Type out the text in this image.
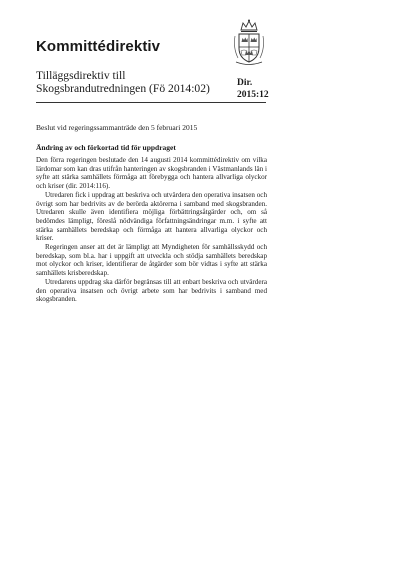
Kommittédirektiv
Tilläggsdirektiv till Skogsbrandutredningen (Fö 2014:02)	Dir.
2015:12
Beslut vid regeringssammanträde den 5 februari 2015
Ändring av och förkortad tid för uppdraget

Den förra regeringen beslutade den 14 augusti 2014 kommittédirektiv om vilka lärdomar som kan dras utifrån hanteringen av skogsbranden i Västmanlands län i syfte att stärka samhällets förmåga att förebygga och hantera allvarliga olyckor och kriser (dir. 2014:116).

Utredaren fick i uppdrag att beskriva och utvärdera den operativa insatsen och övrigt som har bedrivits av de berörda aktörerna i samband med skogsbranden. Utredaren skulle även identifiera möjliga förbättringsåtgärder och, om så bedömdes lämpligt, föreslå nödvändiga författningsändringar m.m. i syfte att stärka samhällets beredskap och förmåga att hantera allvarliga olyckor och kriser.

Regeringen anser att det är lämpligt att Myndigheten för samhällsskydd och beredskap, som bl.a. har i uppgift att utveckla och stödja samhällets beredskap mot olyckor och kriser, identifierar de åtgärder som bör vidtas i syfte att stärka samhällets krisberedskap.

Utredarens uppdrag ska därför begränsas till att enbart beskriva och utvärdera den operativa insatsen och övrigt arbete som har bedrivits i samband med skogsbranden.
